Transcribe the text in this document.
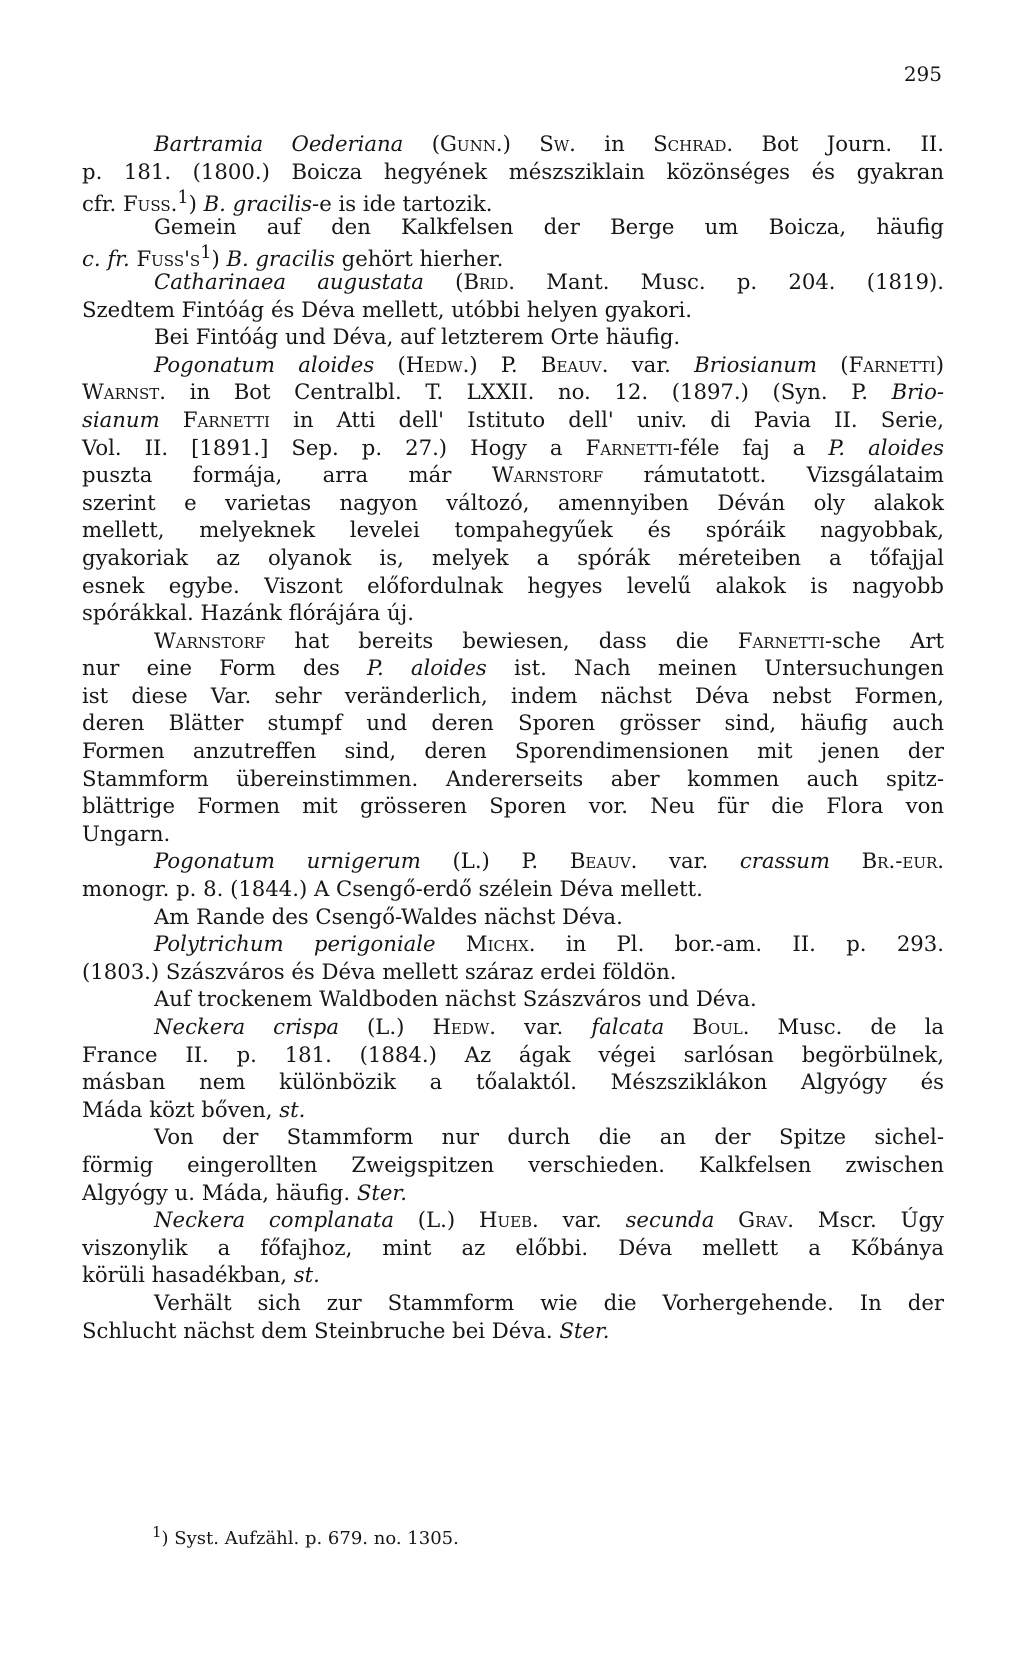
295
Bartramia Oederiana (Gunn.) Sw. in Schrad. Bot Journ. II.
p. 181. (1800.) Boicza hegyének mészsziklain közönséges és gyakran
cfr. Fuss.$^1$) B. gracilis-e is ide tartozik.
Gemein auf den Kalkfelsen der Berge um Boicza, häufig
c. fr. $Fuss's^1$) B. gracilis gehört hierher.
Catharinaea augustata (Brid. Mant. Musc. p. 204. (1819).
Szedtem Fintóág és Déva mellett, utóbbi helyen gyakori.
Bei Fintóág und Déva, auf letzterem Orte häufig.
Pogonatum aloides (Hedw.) P. Beauv. var. Briosianum (Farnetti)
Warnst. in Bot Centralbl. T. LXXII. no. 12. (1897.) (Syn. P. Brio-
sianum Farnetti in Atti dell' Istituto dell' univ. di Pavia II. Serie,
Vol. II. [1891.] Sep. p. 27.) Hogy a Farnetti-féle faj a P. aloides
puszta formája, arra már Warnstorf rámutatott. Vizsgálataim
szerint e varietas nagyon változó, amennyiben Déván oly alakok
mellett, melyeknek levelei tompahegyűek és spóráik nagyobbak,
gyakoriak az olyanok is, melyek a spórák méreteiben a tőfajjal
esnek egybe. Viszont előfordulnak hegyes levelű alakok is nagyobb
spórákkal. Hazánk flórájára új.
Warnstorf hat bereits bewiesen, dass die Farnetti-sche Art
nur eine Form des P. aloides ist. Nach meinen Untersuchungen
ist diese Var. sehr veränderlich, indem nächst Déva nebst Formen,
deren Blätter stumpf und deren Sporen grösser sind, häufig auch
Formen anzutreffen sind, deren Sporendimensionen mit jenen der
Stammform übereinstimmen. Andererseits aber kommen auch spitz-
blättrige Formen mit grösseren Sporen vor. Neu für die Flora von
Ungarn.
Pogonatum urnigerum (L.) P. Beauv. var. crassum Br.-eur.
monogr. p. 8. (1844.) A Csengő-erdő szélein Déva mellett.
Am Rande des Csengő-Waldes nächst Déva.
Polytrichum perigoniale Michx. in Pl. bor.-am. II. p. 293.
(1803.) Szászváros és Déva mellett száraz erdei földön.
Auf trockenem Waldboden nächst Szászváros und Déva.
Neckera crispa (L.) Hedw. var. falcata Boul. Musc. de la
France II. p. 181. (1884.) Az ágak végei sarlósan begörbülnek,
másban nem különbözik a tőalaktól. Mészsziklákon Algyógy és
Máda közt bőven, st.
Von der Stammform nur durch die an der Spitze sichel-
förmig eingerollten Zweigspitzen verschieden. Kalkfelsen zwischen
Algyógy u. Máda, häufig. Ster.
Neckera complanata (L.) Hueb. var. secunda Grav. Mscr. Úgy
viszonylik a főfajhoz, mint az előbbi. Déva mellett a Kőbánya
körüli hasadékban, st.
Verhält sich zur Stammform wie die Vorhergehende. In der
Schlucht nächst dem Steinbruche bei Déva. Ster.
$^1$) Syst. Aufzähl. p. 679. no. 1305.
